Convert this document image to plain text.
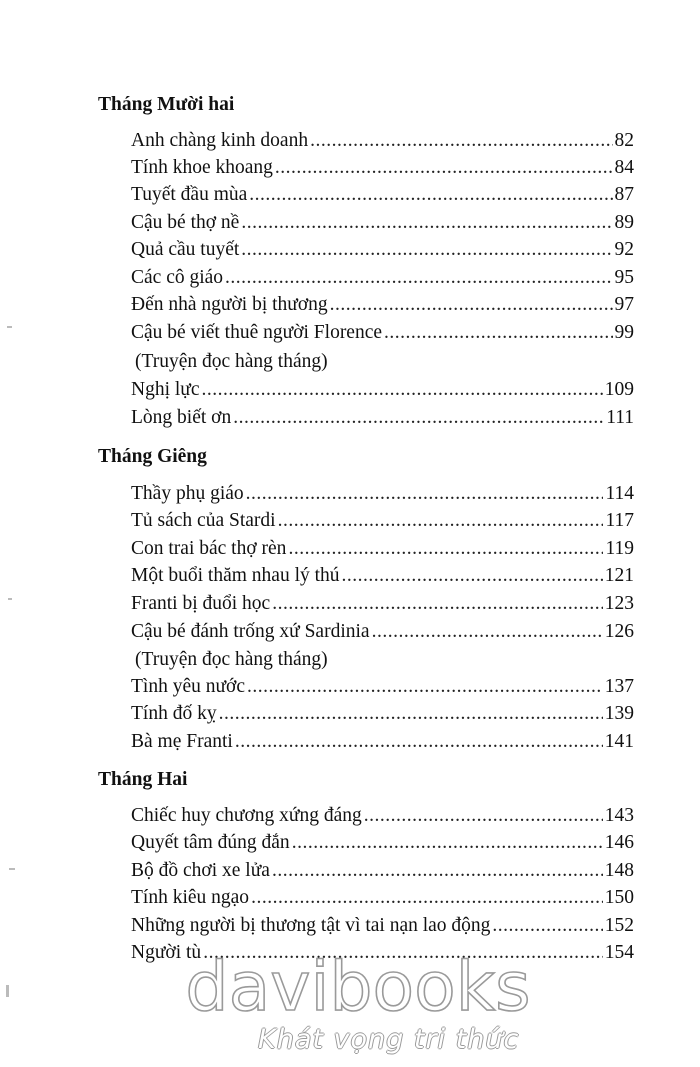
Tháng Mười hai
Anh chàng kinh doanh .....	82
Tính khoe khoang .....	84
Tuyết đầu mùa .....	87
Cậu bé thợ nề .....	89
Quả cầu tuyết .....	92
Các cô giáo .....	95
Đến nhà người bị thương .....	97
Cậu bé viết thuê người Florence .....	99
(Truyện đọc hàng tháng)
Nghị lực .....	109
Lòng biết ơn .....	111
Tháng Giêng
Thầy phụ giáo .....	114
Tủ sách của Stardi .....	117
Con trai bác thợ rèn .....	119
Một buổi thăm nhau lý thú .....	121
Franti bị đuổi học .....	123
Cậu bé đánh trống xứ Sardinia .....	126
(Truyện đọc hàng tháng)
Tình yêu nước .....	137
Tính đố kỵ .....	139
Bà mẹ Franti .....	141
Tháng Hai
Chiếc huy chương xứng đáng .....	143
Quyết tâm đúng đắn .....	146
Bộ đồ chơi xe lửa .....	148
Tính kiêu ngạo .....	150
Những người bị thương tật vì tai nạn lao động .....	152
Người tù .....	154
davibooks
Khát vọng tri thức
